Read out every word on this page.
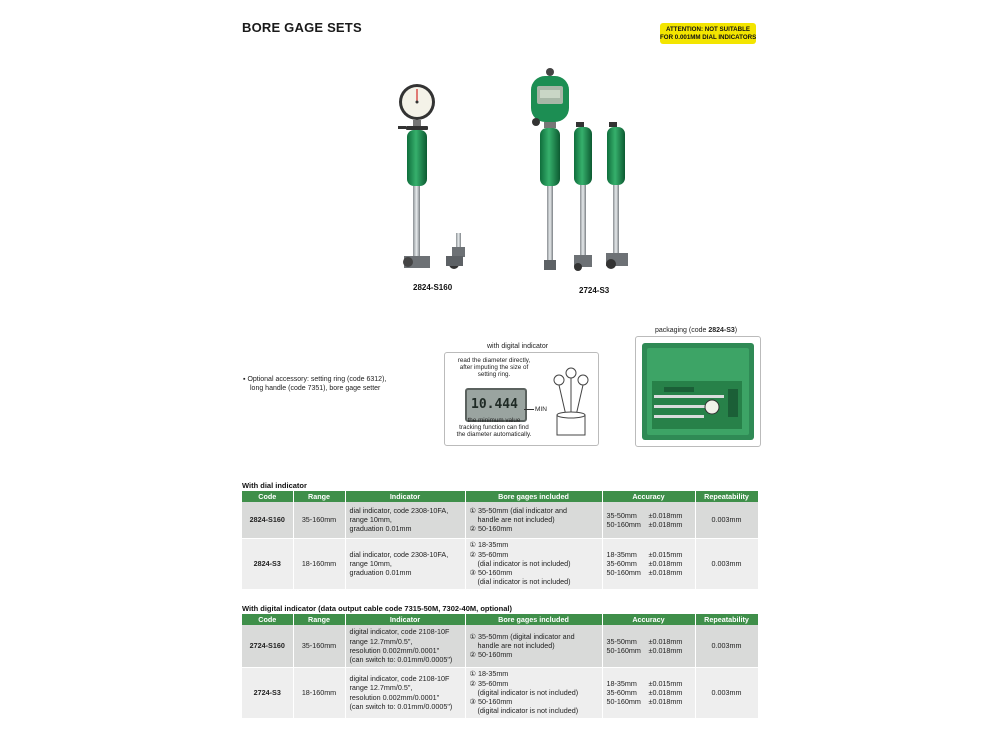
BORE GAGE SETS	ATTENTION: NOT SUITABLE
FOR 0.001MM DIAL INDICATORS
2824-S160	2724-S3
▪ Optional accessory: setting ring (code 6312),
long handle (code 7351), bore gage setter
with digital indicator
read the diameter directly,
after imputing the size of
setting ring.
10.444	MIN
the minimum value
tracking function can find
the diameter automatically.
packaging (code 2824-S3)
With dial indicator
Code	Range	Indicator	Bore gages included	Accuracy	Repeatability
2824-S160	35-160mm	dial indicator, code 2308-10FA,
range 10mm,
graduation 0.01mm	① 35-50mm (dial indicator and
handle are not included)
② 50-160mm	35-50mm ±0.018mm
50-160mm ±0.018mm	0.003mm
2824-S3	18-160mm	dial indicator, code 2308-10FA,
range 10mm,
graduation 0.01mm	① 18-35mm
② 35-60mm
(dial indicator is not included)
③ 50-160mm
(dial indicator is not included)	18-35mm ±0.015mm
35-60mm ±0.018mm
50-160mm ±0.018mm	0.003mm
With digital indicator (data output cable code 7315-50M, 7302-40M, optional)
Code	Range	Indicator	Bore gages included	Accuracy	Repeatability
2724-S160	35-160mm	digital indicator, code 2108-10F
range 12.7mm/0.5",
resolution 0.002mm/0.0001"
(can switch to: 0.01mm/0.0005")	① 35-50mm (digital indicator and
handle are not included)
② 50-160mm	35-50mm ±0.018mm
50-160mm ±0.018mm	0.003mm
2724-S3	18-160mm	digital indicator, code 2108-10F
range 12.7mm/0.5",
resolution 0.002mm/0.0001"
(can switch to: 0.01mm/0.0005")	① 18-35mm
② 35-60mm
(digital indicator is not included)
③ 50-160mm
(digital indicator is not included)	18-35mm ±0.015mm
35-60mm ±0.018mm
50-160mm ±0.018mm	0.003mm
